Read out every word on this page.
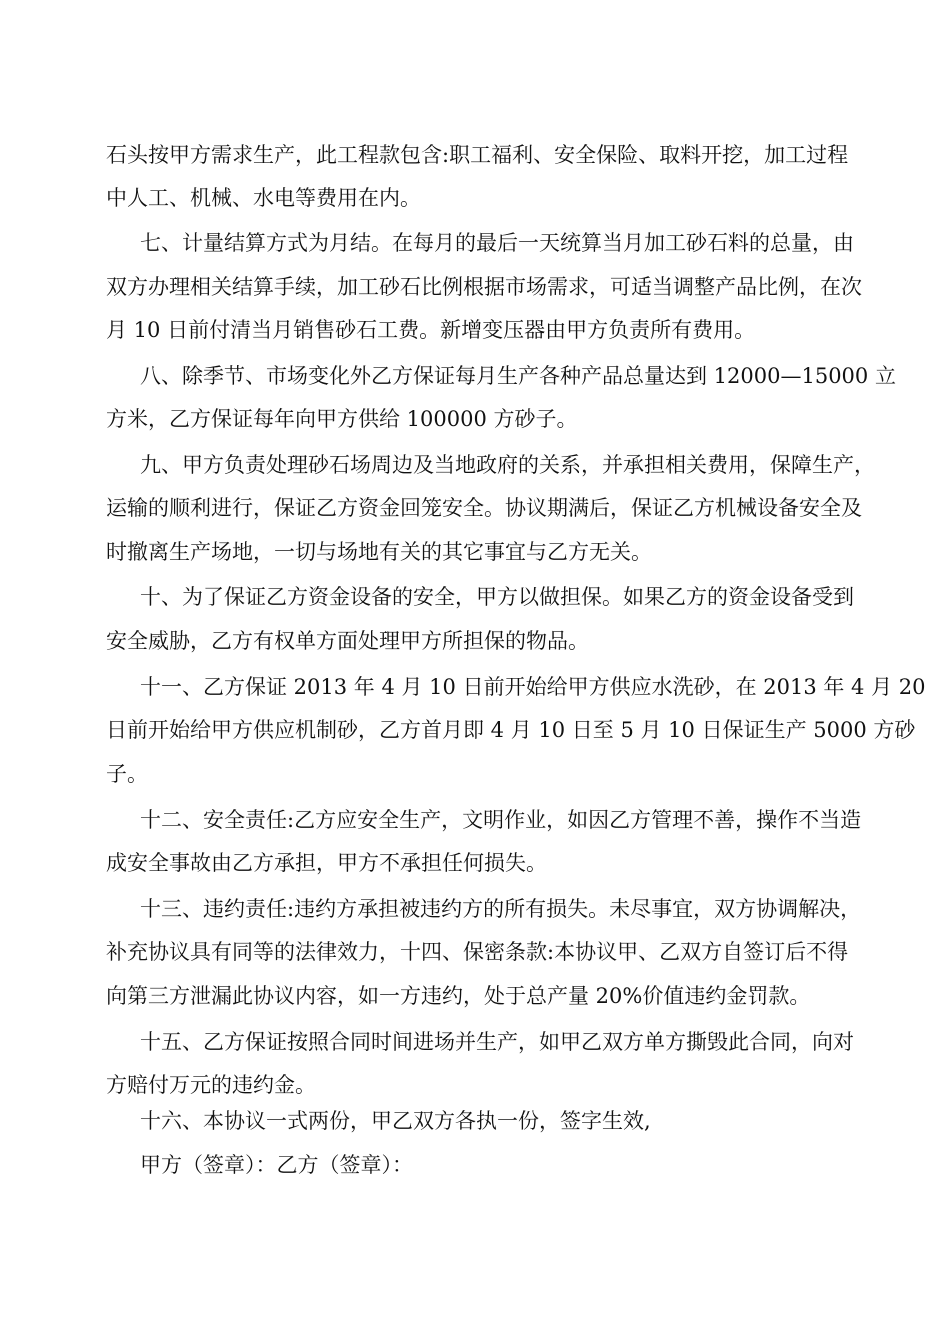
石头按甲方需求生产，此工程款包含:职工福利、安全保险、取料开挖，加工过程
中人工、机械、水电等费用在内。
七、计量结算方式为月结。在每月的最后一天统算当月加工砂石料的总量，由
双方办理相关结算手续，加工砂石比例根据市场需求，可适当调整产品比例，在次
月 10 日前付清当月销售砂石工费。新增变压器由甲方负责所有费用。
八、除季节、市场变化外乙方保证每月生产各种产品总量达到 12000—15000 立
方米，乙方保证每年向甲方供给 100000 方砂子。
九、甲方负责处理砂石场周边及当地政府的关系，并承担相关费用，保障生产，
运输的顺利进行，保证乙方资金回笼安全。协议期满后，保证乙方机械设备安全及
时撤离生产场地，一切与场地有关的其它事宜与乙方无关。
十、为了保证乙方资金设备的安全，甲方以做担保。如果乙方的资金设备受到
安全威胁，乙方有权单方面处理甲方所担保的物品。
十一、乙方保证 2013 年 4 月 10 日前开始给甲方供应水洗砂，在 2013 年 4 月 20
日前开始给甲方供应机制砂，乙方首月即 4 月 10 日至 5 月 10 日保证生产 5000 方砂
子。
十二、安全责任:乙方应安全生产，文明作业，如因乙方管理不善，操作不当造
成安全事故由乙方承担，甲方不承担任何损失。
十三、违约责任:违约方承担被违约方的所有损失。未尽事宜，双方协调解决，
补充协议具有同等的法律效力，十四、保密条款:本协议甲、乙双方自签订后不得
向第三方泄漏此协议内容，如一方违约，处于总产量 20%价值违约金罚款。
十五、乙方保证按照合同时间进场并生产，如甲乙双方单方撕毁此合同，向对
方赔付万元的违约金。
十六、本协议一式两份，甲乙双方各执一份，签字生效,
甲方（签章）：乙方（签章）：
